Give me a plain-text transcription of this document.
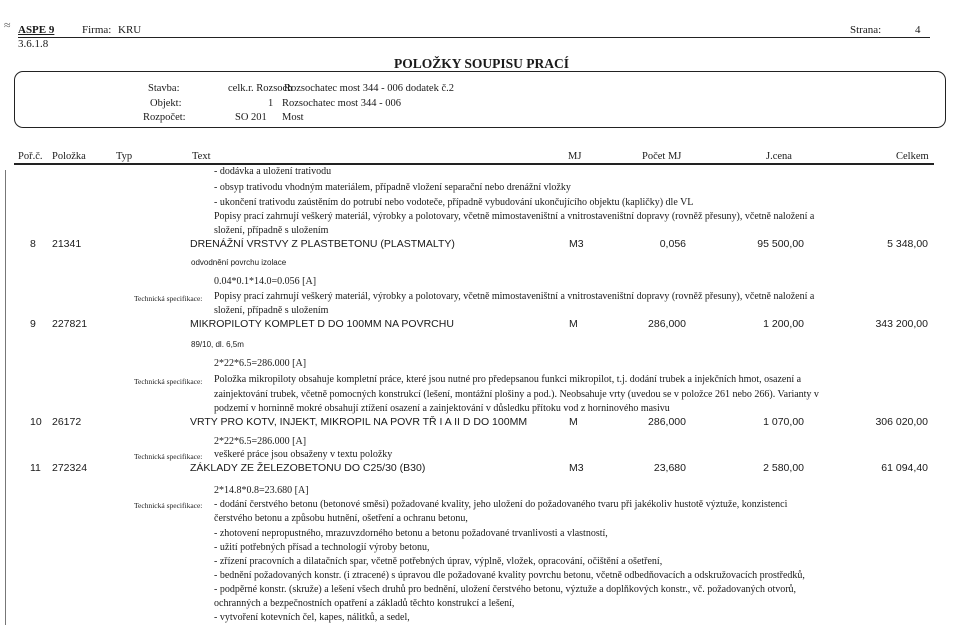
≈ ASPE 9	Firma: KRU	Strana:	4
3.6.1.8
POLOŽKY SOUPISU PRACÍ
Stavba:	celk.r. Rozsoch
Rozsochatec most 344 - 006 dodatek č.2
Objekt:	1 Rozsochatec most 344 - 006
Rozpočet:	SO 201 Most
Poř.č. Položka	Typ	Text	MJ	Počet MJ	J.cena	Celkem
- dodávka a uložení trativodu
- obsyp trativodu vhodným materiálem, případně vložení separační nebo drenážní vložky
- ukončení trativodu zaústěním do potrubí nebo vodoteče, případně vybudování ukončujícího objektu (kapličky) dle VL
Popisy prací zahrnují veškerý materiál, výrobky a polotovary, včetně mimostaveništní a vnitrostaveništní dopravy (rovněž přesuny), včetně naložení a
složení, případně s uložením
8 21341	DRENÁŽNÍ VRSTVY Z PLASTBETONU (PLASTMALTY)	M3	0,056	95 500,00	5 348,00
odvodnění povrchu izolace
0.04*0.1*14.0=0.056 [A]
Technická specifikace: Popisy prací zahrnují veškerý materiál, výrobky a polotovary, včetně mimostaveništní a vnitrostaveništní dopravy (rovněž přesuny), včetně naložení a
složení, případně s uložením
9 227821	MIKROPILOTY KOMPLET D DO 100MM NA POVRCHU	M	286,000	1 200,00	343 200,00
89/10, dl. 6,5m
2*22*6.5=286.000 [A]
Technická specifikace: Položka mikropiloty obsahuje kompletní práce, které jsou nutné pro předepsanou funkci mikropilot, t.j. dodání trubek a injekčních hmot, osazení a
zainjektování trubek, včetně pomocných konstrukcí (lešení, montážní plošiny a pod.). Neobsahuje vrty (uvedou se v položce 261 nebo 266). Varianty v
podzemí v horninně mokré obsahují ztížení osazení a zainjektování v důsledku přítoku vod z horninového masivu
10 26172	VRTY PRO KOTV, INJEKT, MIKROPIL NA POVR TŘ I A II D DO 100MM	M	286,000	1 070,00	306 020,00
2*22*6.5=286.000 [A]
Technická specifikace: veškeré práce jsou obsaženy v textu položky
11 272324	ZÁKLADY ZE ŽELEZOBETONU DO C25/30 (B30)	M3	23,680	2 580,00	61 094,40
2*14.8*0.8=23.680 [A]
Technická specifikace: - dodání čerstvého betonu (betonové směsi) požadované kvality, jeho uložení do požadovaného tvaru při jakékoliv hustotě výztuže, konzistenci
čerstvého betonu a způsobu hutnění, ošetření a ochranu betonu,
- zhotovení nepropustného, mrazuvzdorného betonu a betonu požadované trvanlivosti a vlastností,
- užití potřebných přísad a technologií výroby betonu,
- zřízení pracovních a dilatačních spar, včetně potřebných úprav, výplně, vložek, opracování, očištění a ošetření,
- bednění požadovaných konstr. (i ztracené) s úpravou dle požadované kvality povrchu betonu, včetně odbedňovacích a odskružovacích prostředků,
- podpěrné konstr. (skruže) a lešení všech druhů pro bednění, uložení čerstvého betonu, výztuže a doplňkových konstr., vč. požadovaných otvorů,
ochranných a bezpečnostních opatření a základů těchto konstrukcí a lešení,
- vytvoření kotevních čel, kapes, nálitků, a sedel,
